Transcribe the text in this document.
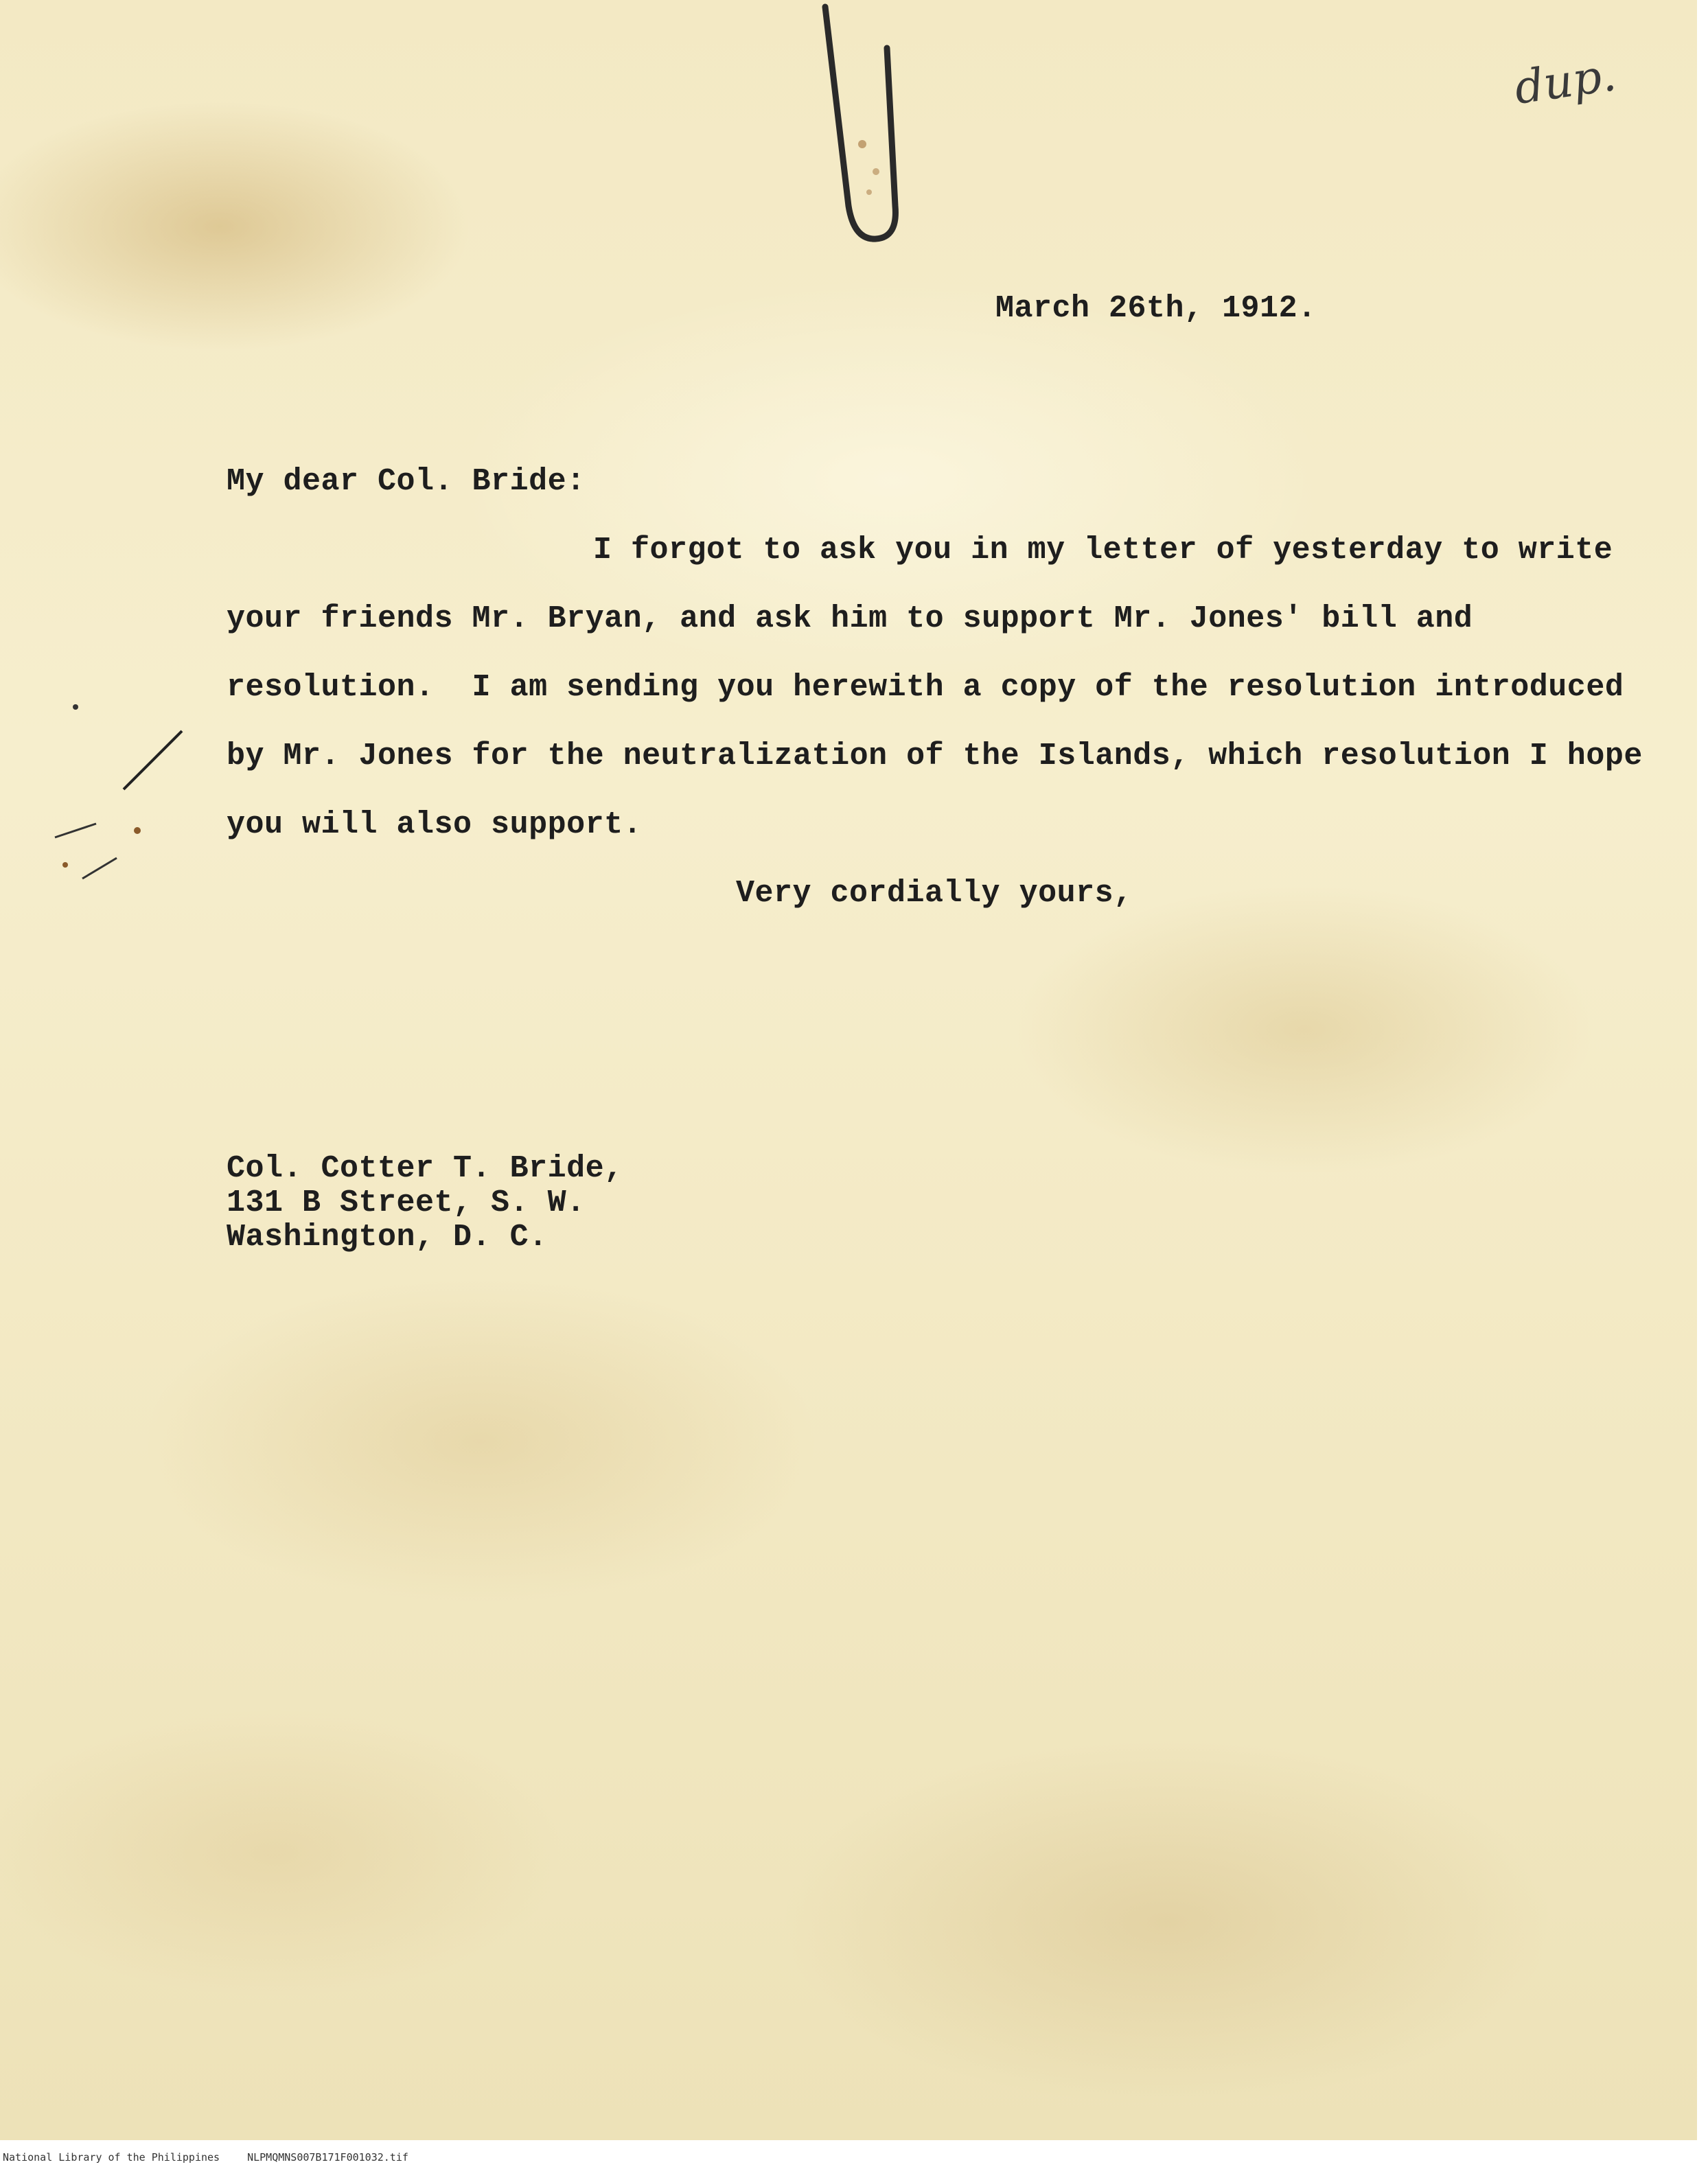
dup.

March 26th, 1912.

My dear Col. Bride:

I forgot to ask you in my letter of yesterday to write

your friends Mr. Bryan, and ask him to support Mr. Jones' bill and

resolution.  I am sending you herewith a copy of the resolution introduced

by Mr. Jones for the neutralization of the Islands, which resolution I hope

you will also support.

Very cordially yours,

Col. Cotter T. Bride,

131 B Street, S. W.

Washington, D. C.

National Library of the Philippines	NLPMQMNS007B171F001032.tif
